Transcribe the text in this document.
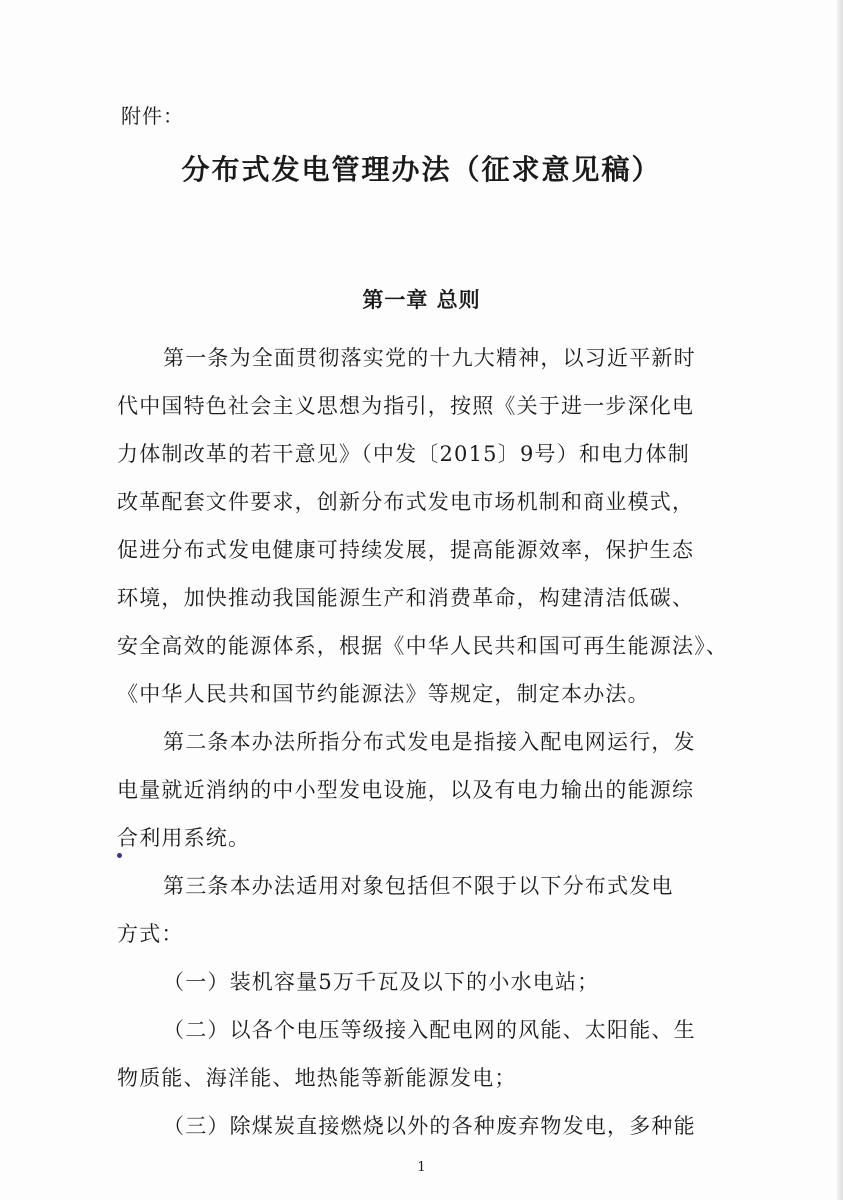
附件：
分布式发电管理办法（征求意见稿）
第一章 总则
第一条为全面贯彻落实党的十九大精神，以习近平新时
代中国特色社会主义思想为指引，按照《关于进一步深化电
力体制改革的若干意见》（中发〔2015〕9号）和电力体制
改革配套文件要求，创新分布式发电市场机制和商业模式，
促进分布式发电健康可持续发展，提高能源效率，保护生态
环境，加快推动我国能源生产和消费革命，构建清洁低碳、
安全高效的能源体系，根据《中华人民共和国可再生能源法》、
《中华人民共和国节约能源法》等规定，制定本办法。
第二条本办法所指分布式发电是指接入配电网运行，发
电量就近消纳的中小型发电设施，以及有电力输出的能源综
合利用系统。
第三条本办法适用对象包括但不限于以下分布式发电
方式：
（一）装机容量5万千瓦及以下的小水电站；
（二）以各个电压等级接入配电网的风能、太阳能、生
物质能、海洋能、地热能等新能源发电；
（三）除煤炭直接燃烧以外的各种废弃物发电，多种能
1
